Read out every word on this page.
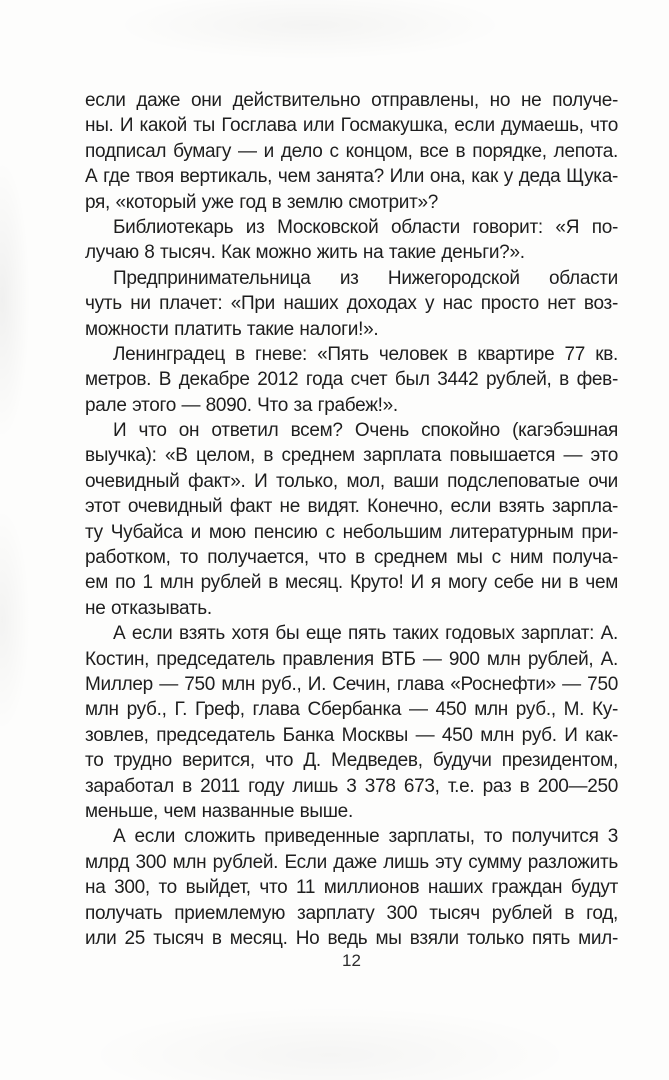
если даже они действительно отправлены, но не получе-
ны. И какой ты Госглава или Госмакушка, если думаешь, что
подписал бумагу — и дело с концом, все в порядке, лепота.
А где твоя вертикаль, чем занята? Или она, как у деда Щука-
ря, «который уже год в землю смотрит»?
Библиотекарь из Московской области говорит: «Я по-
лучаю 8 тысяч. Как можно жить на такие деньги?».
Предпринимательница из Нижегородской области
чуть ни плачет: «При наших доходах у нас просто нет воз-
можности платить такие налоги!».
Ленинградец в гневе: «Пять человек в квартире 77 кв.
метров. В декабре 2012 года счет был 3442 рублей, в фев-
рале этого — 8090. Что за грабеж!».
И что он ответил всем? Очень спокойно (кагэбэшная
выучка): «В целом, в среднем зарплата повышается — это
очевидный факт». И только, мол, ваши подслеповатые очи
этот очевидный факт не видят. Конечно, если взять зарпла-
ту Чубайса и мою пенсию с небольшим литературным при-
работком, то получается, что в среднем мы с ним получа-
ем по 1 млн рублей в месяц. Круто! И я могу себе ни в чем
не отказывать.
А если взять хотя бы еще пять таких годовых зарплат: А.
Костин, председатель правления ВТБ — 900 млн рублей, А.
Миллер — 750 млн руб., И. Сечин, глава «Роснефти» — 750
млн руб., Г. Греф, глава Сбербанка — 450 млн руб., М. Ку-
зовлев, председатель Банка Москвы — 450 млн руб. И как-
то трудно верится, что Д. Медведев, будучи президентом,
заработал в 2011 году лишь 3 378 673, т.е. раз в 200—250
меньше, чем названные выше.
А если сложить приведенные зарплаты, то получится 3
млрд 300 млн рублей. Если даже лишь эту сумму разложить
на 300, то выйдет, что 11 миллионов наших граждан будут
получать приемлемую зарплату 300 тысяч рублей в год,
или 25 тысяч в месяц. Но ведь мы взяли только пять мил-
12
